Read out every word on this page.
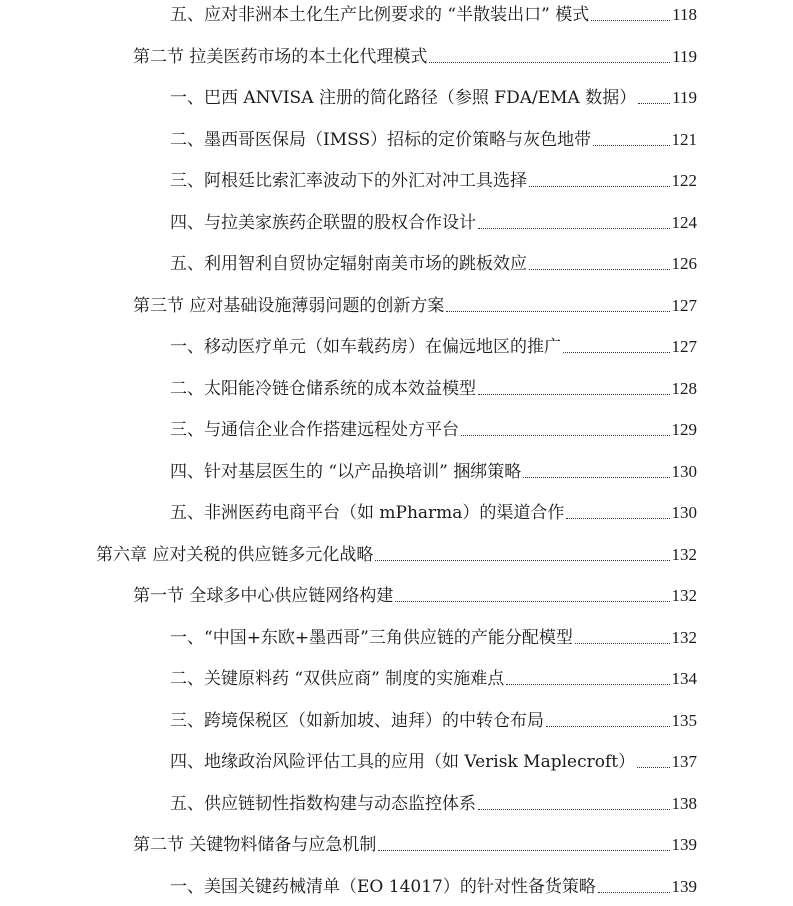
五、应对非洲本土化生产比例要求的 “半散装出口” 模式	118
第二节 拉美医药市场的本土化代理模式	119
一、巴西 ANVISA 注册的简化路径（参照 FDA/EMA 数据） 119
二、墨西哥医保局（IMSS）招标的定价策略与灰色地带	121
三、阿根廷比索汇率波动下的外汇对冲工具选择	122
四、与拉美家族药企联盟的股权合作设计	124
五、利用智利自贸协定辐射南美市场的跳板效应	126
第三节 应对基础设施薄弱问题的创新方案	127
一、移动医疗单元（如车载药房）在偏远地区的推广	127
二、太阳能冷链仓储系统的成本效益模型	128
三、与通信企业合作搭建远程处方平台	129
四、针对基层医生的 “以产品换培训” 捆绑策略	130
五、非洲医药电商平台（如 mPharma）的渠道合作	130
第六章 应对关税的供应链多元化战略	132
第一节 全球多中心供应链网络构建	132
一、“中国+东欧+墨西哥”三角供应链的产能分配模型	132
二、关键原料药 “双供应商” 制度的实施难点	134
三、跨境保税区（如新加坡、迪拜）的中转仓布局	135
四、地缘政治风险评估工具的应用（如 Verisk Maplecroft） 137
五、供应链韧性指数构建与动态监控体系	138
第二节 关键物料储备与应急机制	139
一、美国关键药械清单（EO 14017）的针对性备货策略	139
